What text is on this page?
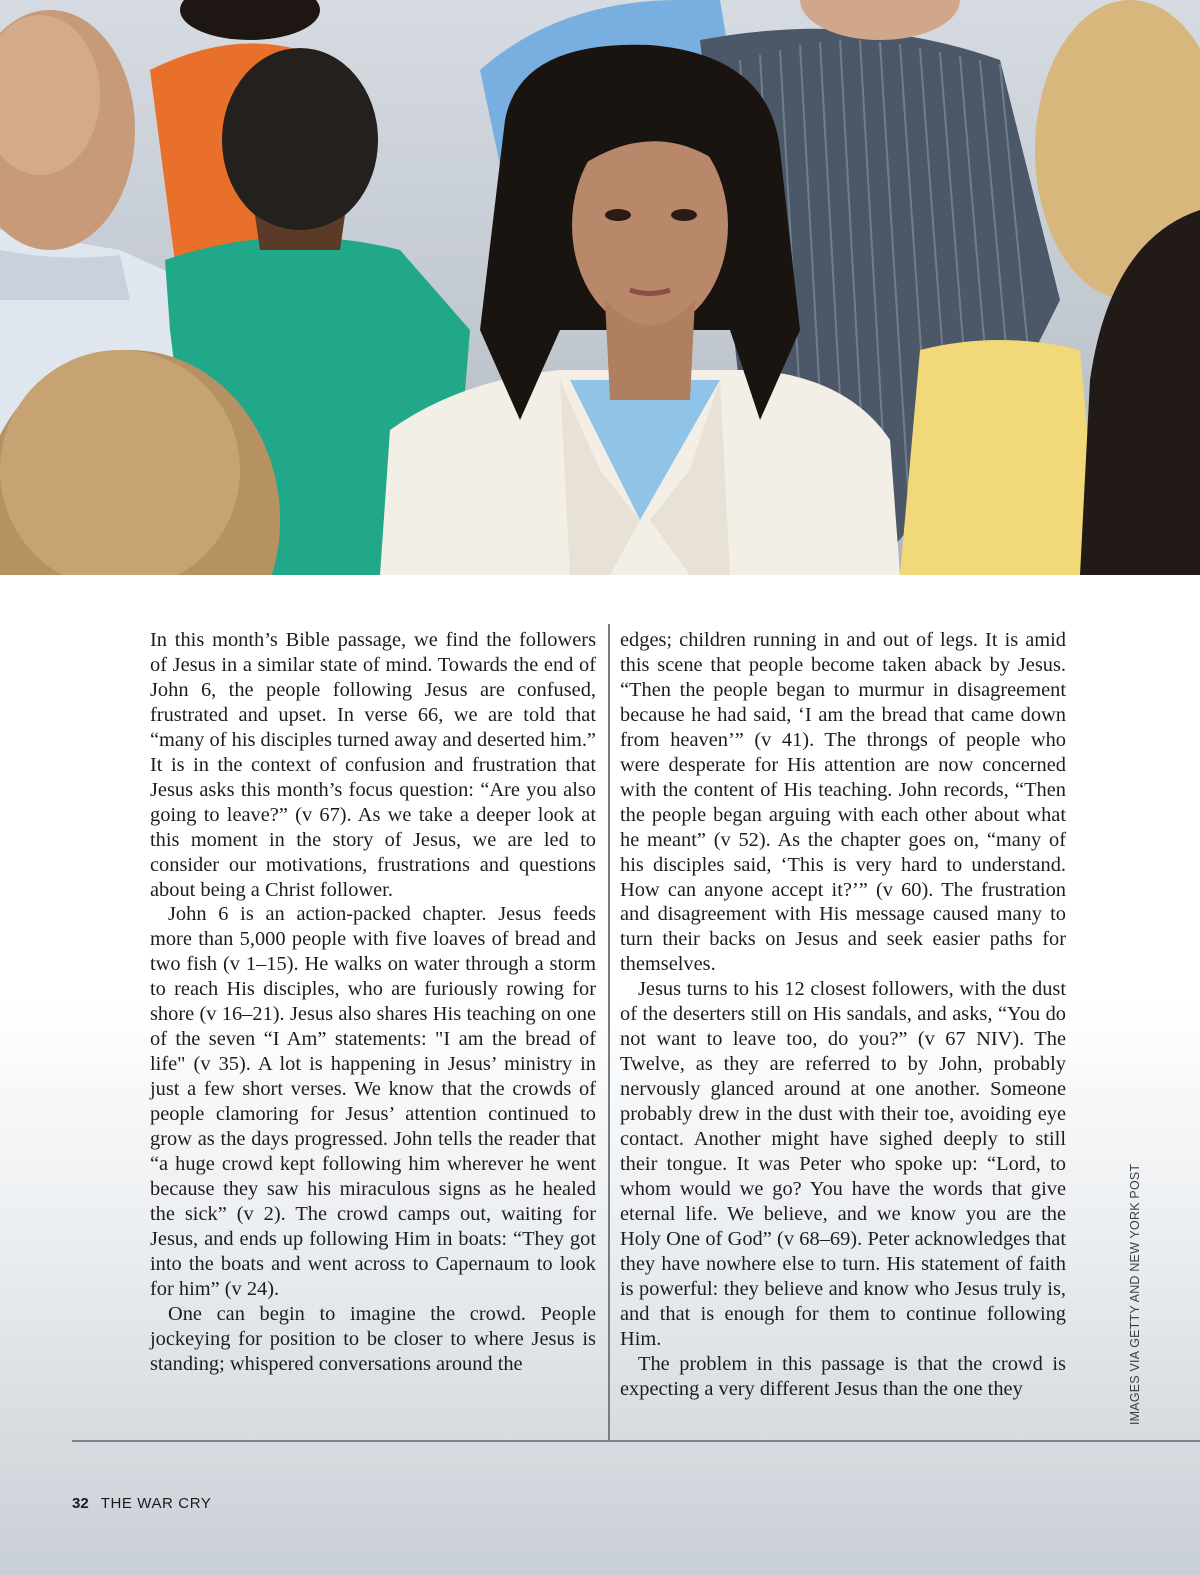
In this month’s Bible passage, we find the followers of Jesus in a similar state of mind. Towards the end of John 6, the people following Jesus are confused, frustrated and upset. In verse 66, we are told that “many of his disciples turned away and deserted him.” It is in the context of confusion and frustration that Jesus asks this month’s focus question: “Are you also going to leave?” (v 67). As we take a deeper look at this moment in the story of Jesus, we are led to consider our motivations, frustrations and questions about being a Christ follower.

John 6 is an action-packed chapter. Jesus feeds more than 5,000 people with five loaves of bread and two fish (v 1–15). He walks on water through a storm to reach His disciples, who are furiously rowing for shore (v 16–21). Jesus also shares His teaching on one of the seven “I Am” statements: "I am the bread of life" (v 35). A lot is happening in Jesus’ ministry in just a few short verses. We know that the crowds of people clamoring for Jesus’ attention continued to grow as the days progressed. John tells the reader that “a huge crowd kept following him wherever he went because they saw his miraculous signs as he healed the sick” (v 2). The crowd camps out, waiting for Jesus, and ends up following Him in boats: “They got into the boats and went across to Capernaum to look for him” (v 24).

One can begin to imagine the crowd. People jockeying for position to be closer to where Jesus is standing; whispered conversations around the

edges; children running in and out of legs. It is amid this scene that people become taken aback by Jesus. “Then the people began to murmur in disagreement because he had said, ‘I am the bread that came down from heaven’” (v 41). The throngs of people who were desperate for His attention are now concerned with the content of His teaching. John records, “Then the people began arguing with each other about what he meant” (v 52). As the chapter goes on, “many of his disciples said, ‘This is very hard to understand. How can anyone accept it?’” (v 60). The frustration and disagreement with His message caused many to turn their backs on Jesus and seek easier paths for themselves.

Jesus turns to his 12 closest followers, with the dust of the deserters still on His sandals, and asks, “You do not want to leave too, do you?” (v 67 NIV). The Twelve, as they are referred to by John, probably nervously glanced around at one another. Someone probably drew in the dust with their toe, avoiding eye contact. Another might have sighed deeply to still their tongue. It was Peter who spoke up: “Lord, to whom would we go? You have the words that give eternal life. We believe, and we know you are the Holy One of God” (v 68–69). Peter acknowledges that they have nowhere else to turn. His statement of faith is powerful: they believe and know who Jesus truly is, and that is enough for them to continue following Him.

The problem in this passage is that the crowd is expecting a very different Jesus than the one they	IMAGES VIA GETTY AND NEW YORK POST
32 THE WAR CRY
